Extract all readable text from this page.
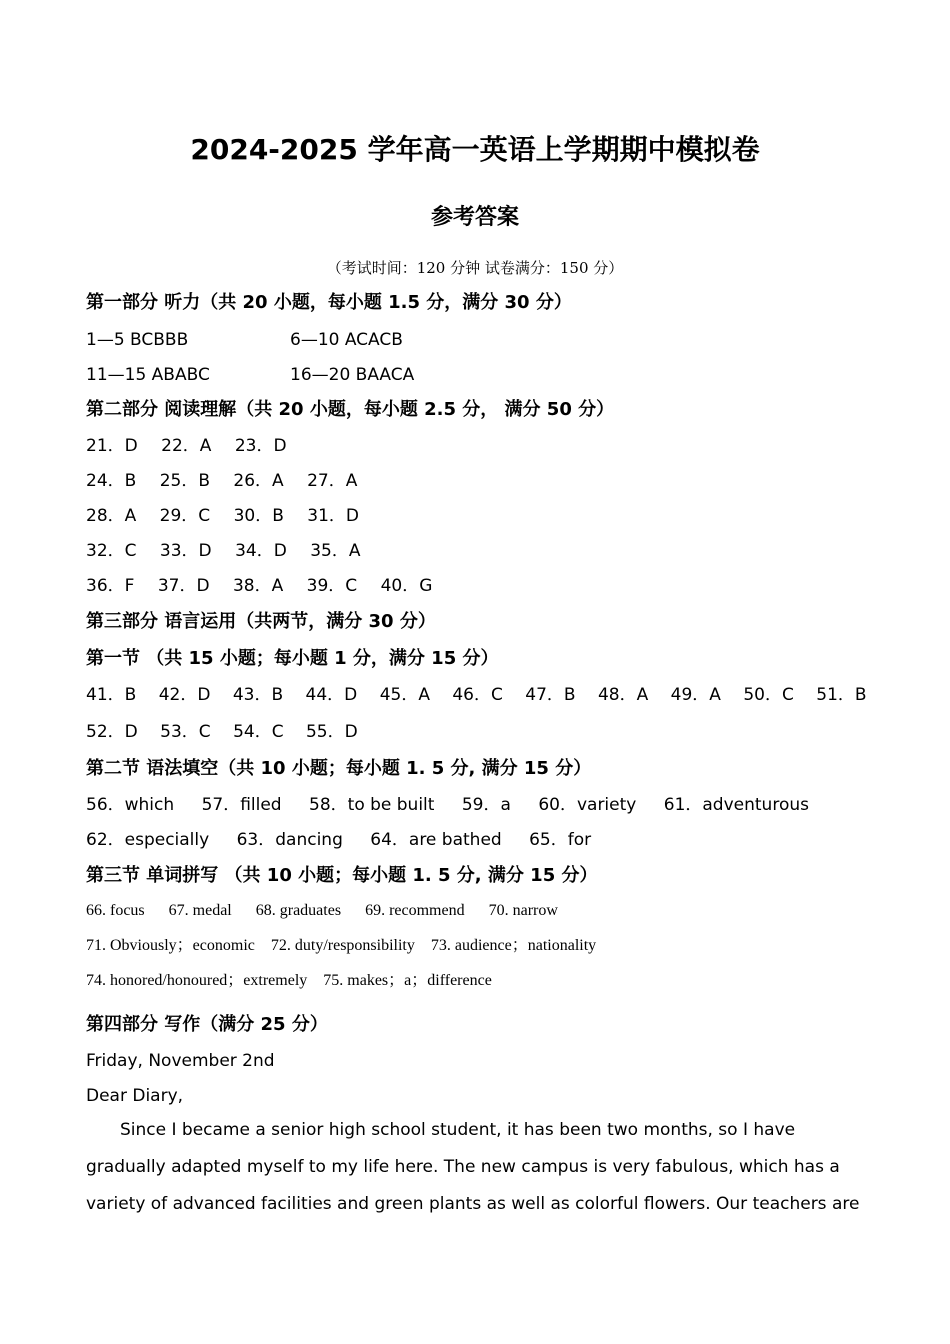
2024-2025 学年高一英语上学期期中模拟卷
参考答案
（考试时间：120 分钟 试卷满分：150 分）
第一部分 听力（共 20 小题，每小题 1.5 分，满分 30 分）
1—5 BCBBB	6—10 ACACB
11—15 ABABC	16—20 BAACA
第二部分 阅读理解（共 20 小题，每小题 2.5 分， 满分 50 分）
21．D 22．A 23．D
24．B 25．B 26．A 27．A
28．A 29．C 30．B 31．D
32．C 33．D 34．D 35．A
36．F 37．D 38．A 39．C 40．G
第三部分 语言运用（共两节，满分 30 分）
第一节 （共 15 小题；每小题 1 分，满分 15 分）
41．B 42．D 43．B 44．D 45．A 46．C 47．B 48．A 49．A 50．C 51．B
52．D 53．C 54．C 55．D
第二节 语法填空（共 10 小题；每小题 1. 5 分, 满分 15 分）
56．which 57．filled 58．to be built 59．a 60．variety 61．adventurous
62．especially 63．dancing 64．are bathed 65．for
第三节 单词拼写 （共 10 小题；每小题 1. 5 分, 满分 15 分）
66. focus 67. medal 68. graduates 69. recommend 70. narrow
71. Obviously；economic 72. duty/responsibility 73. audience；nationality
74. honored/honoured；extremely 75. makes；a；difference
第四部分 写作（满分 25 分）
Friday, November 2nd
Dear Diary,
Since I became a senior high school student, it has been two months, so I have gradually adapted myself to my life here. The new campus is very fabulous, which has a variety of advanced facilities and green plants as well as colorful flowers. Our teachers are
